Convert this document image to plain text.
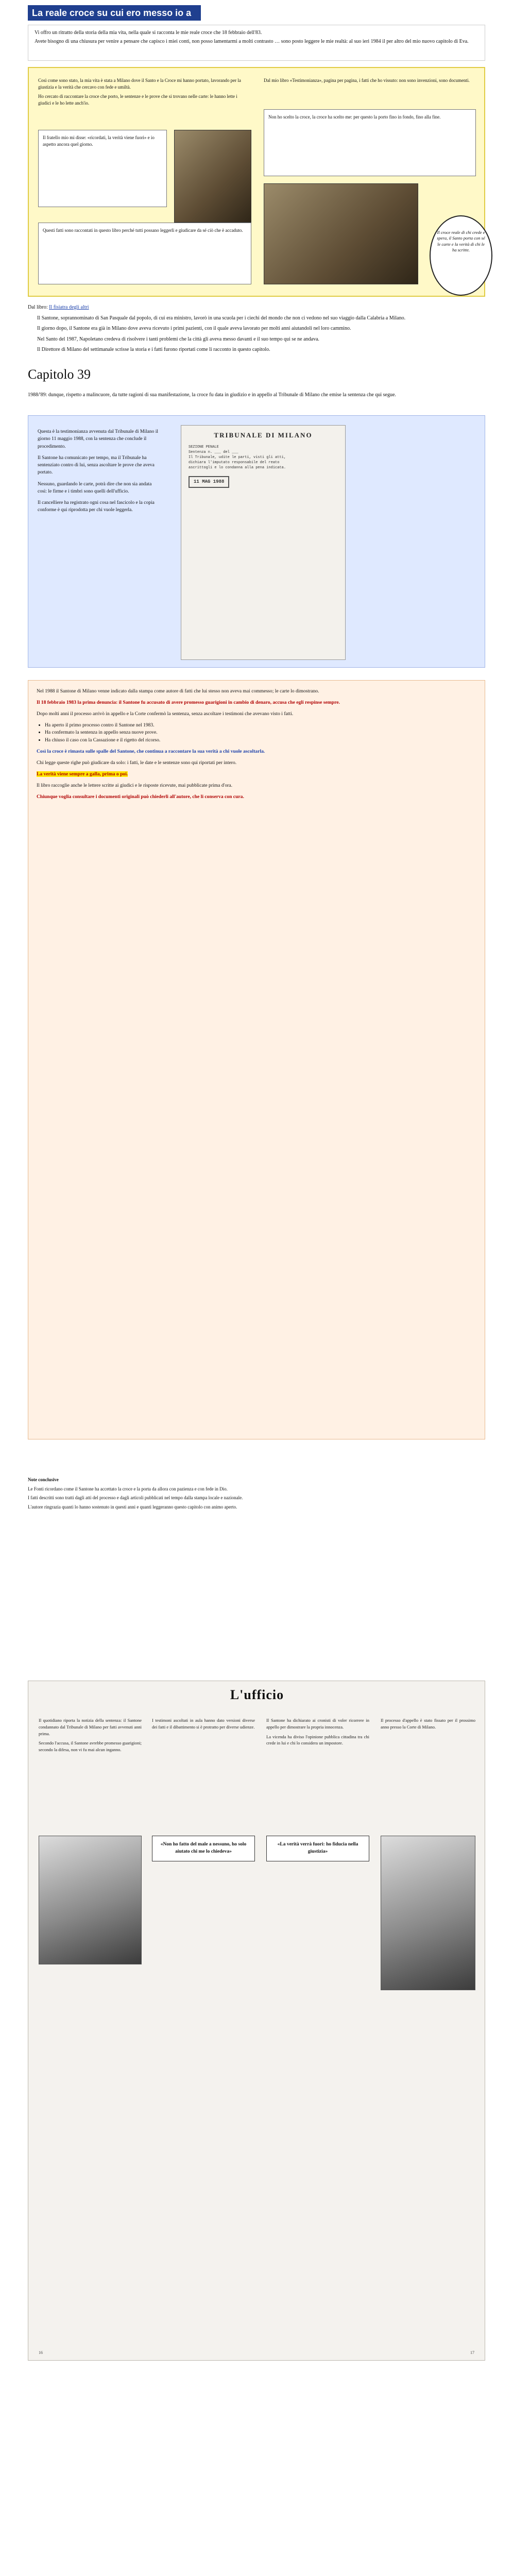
La reale croce su cui ero messo io a

Vi offro un ritratto della storia della mia vita, nella quale si racconta le mie reale croce che 18 febbraio dell'83.

Avete bisogno di una chiusura per venire a pensare che capisco i miei conti, non posso lamentarmi a molti contrasto … sono posto leggere le mie realtà: al suo ieri 1984 il per altro del mio nuovo capitolo di Eva.

Così come sono stato, la mia vita è stata a Milano dove il Santo e la Croce mi hanno portato, lavorando per la giustizia e la verità che cercavo con fede e umiltà.

Ho cercato di raccontare la croce che porto, le sentenze e le prove che si trovano nelle carte: le hanno lette i giudici e le ho lette anch'io.

Il fratello mio mi disse: «ricordati, la verità viene fuori» e io aspetto ancora quel giorno.
Questi fatti sono raccontati in questo libro perché tutti possano leggerli e giudicare da sé ciò che è accaduto.

Dal mio libro «Testimonianza», pagina per pagina, i fatti che ho vissuto: non sono invenzioni, sono documenti.

Non ho scelto la croce, la croce ha scelto me: per questo la porto fino in fondo, fino alla fine.
Il croce reale di chi crede e spera, il Santo porta con sé le carte e la verità di chi le ha scritte.

Dal libro: Il fisiatra degli altri

Il Santone, soprannominato di San Pasquale dal popolo, di cui era ministro, lavorò in una scuola per i ciechi del mondo che non ci vedono nel suo viaggio dalla Calabria a Milano.

Il giorno dopo, il Santone era già in Milano dove aveva ricevuto i primi pazienti, con il quale aveva lavorato per molti anni aiutandoli nel loro cammino.

Nel Santo del 1987, Napoletano credeva di risolvere i tanti problemi che la città gli aveva messo davanti e il suo tempo qui se ne andava.

Il Direttore di Milano del settimanale scrisse la storia e i fatti furono riportati come li racconto in questo capitolo.

Capitolo 39

1988/'89: dunque, rispetto a malincuore, da tutte ragioni di sua manifestazione, la croce fu data in giudizio e in appello al Tribunale di Milano che emise la sentenza che qui segue.

Questa è la testimonianza avvenuta dal Tribunale di Milano il giorno 11 maggio 1988, con la sentenza che conclude il procedimento.

Il Santone ha comunicato per tempo, ma il Tribunale ha sentenziato contro di lui, senza ascoltare le prove che aveva portato.

Nessuno, guardando le carte, potrà dire che non sia andata così: le firme e i timbri sono quelli dell'ufficio.

Il cancelliere ha registrato ogni cosa nel fascicolo e la copia conforme è qui riprodotta per chi vuole leggerla.

TRIBUNALE DI MILANO
SEZIONE PENALE
Sentenza n. ___ del ___
Il Tribunale, udite le parti, visti gli atti,
dichiara l'imputato responsabile del reato
ascrittogli e lo condanna alla pena indicata.
11 MAG 1988

Nel 1988 il Santone di Milano venne indicato dalla stampa come autore di fatti che lui stesso non aveva mai commesso; le carte lo dimostrano.

Il 18 febbraio 1983 la prima denuncia: il Santone fu accusato di avere promesso guarigioni in cambio di denaro, accusa che egli respinse sempre.

Dopo molti anni il processo arrivò in appello e la Corte confermò la sentenza, senza ascoltare i testimoni che avevano visto i fatti.

• Ha aperto il primo processo contro il Santone nel 1983.
• Ha confermato la sentenza in appello senza nuove prove.
• Ha chiuso il caso con la Cassazione e il rigetto del ricorso.

Così la croce è rimasta sulle spalle del Santone, che continua a raccontare la sua verità a chi vuole ascoltarla.

Chi legge queste righe può giudicare da solo: i fatti, le date e le sentenze sono qui riportati per intero.

La verità viene sempre a galla, prima o poi.

Il libro raccoglie anche le lettere scritte ai giudici e le risposte ricevute, mai pubblicate prima d'ora.

Chiunque voglia consultare i documenti originali può chiederli all'autore, che li conserva con cura.

Note conclusive

Le Fonti ricordano come il Santone ha accettato la croce e la porta da allora con pazienza e con fede in Dio.

I fatti descritti sono tratti dagli atti del processo e dagli articoli pubblicati nel tempo dalla stampa locale e nazionale.

L'autore ringrazia quanti lo hanno sostenuto in questi anni e quanti leggeranno questo capitolo con animo aperto.

L'ufficio

Il quotidiano riporta la notizia della sentenza: il Santone condannato dal Tribunale di Milano per fatti avvenuti anni prima.

Secondo l'accusa, il Santone avrebbe promesso guarigioni; secondo la difesa, non vi fu mai alcun inganno.

I testimoni ascoltati in aula hanno dato versioni diverse dei fatti e il dibattimento si è protratto per diverse udienze.

«Non ho fatto del male a nessuno, ho solo aiutato chi me lo chiedeva»

Il Santone ha dichiarato ai cronisti di voler ricorrere in appello per dimostrare la propria innocenza.

La vicenda ha diviso l'opinione pubblica cittadina tra chi crede in lui e chi lo considera un impostore.

«La verità verrà fuori: ho fiducia nella giustizia»

Il processo d'appello è stato fissato per il prossimo anno presso la Corte di Milano.

16	17
